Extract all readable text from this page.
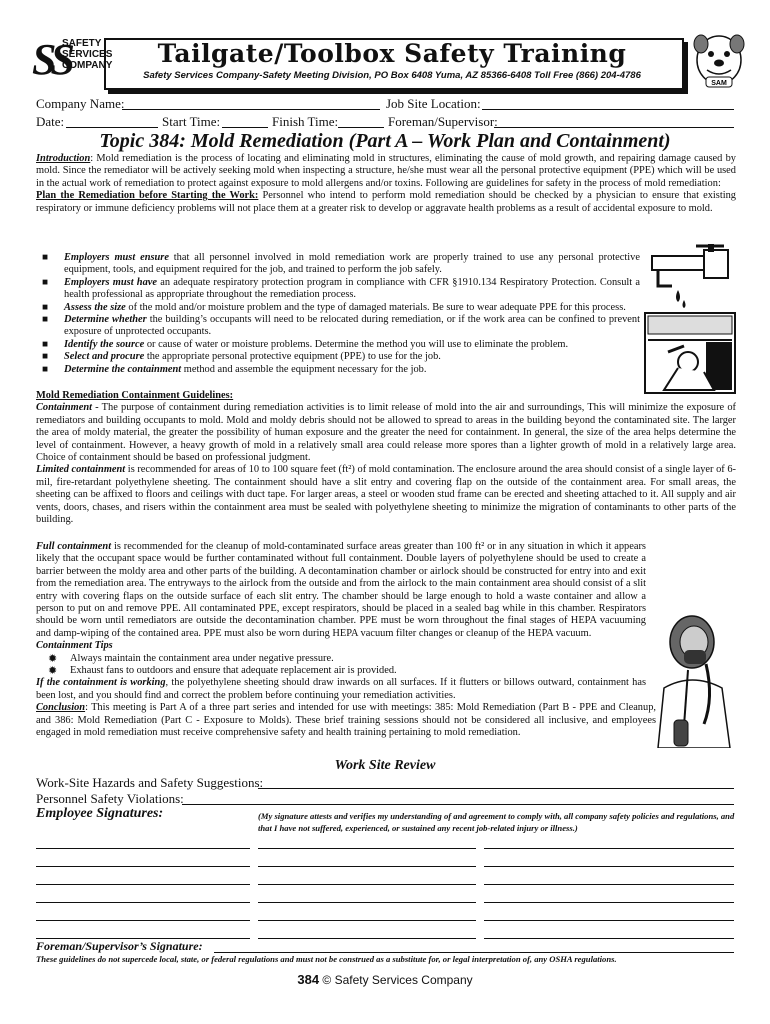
SS
SAFETY
SERVICES
COMPANY	Tailgate/Toolbox Safety Training
Safety Services Company-Safety Meeting Division, PO Box 6408 Yuma, AZ 85366-6408 Toll Free (866) 204-4786
SAM
Company Name:	Job Site Location:
Date:	Start Time:	Finish Time:	Foreman/Supervisor:
Topic 384: Mold Remediation (Part A – Work Plan and Containment)

Introduction: Mold remediation is the process of locating and eliminating mold in structures, eliminating the cause of mold growth, and repairing damage caused by mold. Since the remediator will be actively seeking mold when inspecting a structure, he/she must wear all the personal protective equipment (PPE) which will be used in the actual work of remediation to protect against exposure to mold allergens and/or toxins. Following are guidelines for safety in the process of mold remediation:

Plan the Remediation before Starting the Work: Personnel who intend to perform mold remediation should be checked by a physician to ensure that existing respiratory or immune deficiency problems will not place them at a greater risk to develop or aggravate health problems as a result of accidental exposure to mold.

■ Employers must ensure that all personnel involved in mold remediation work are properly trained to use any personal protective equipment, tools, and equipment required for the job, and trained to perform the job safely.
■ Employers must have an adequate respiratory protection program in compliance with CFR §1910.134 Respiratory Protection. Consult a health professional as appropriate throughout the remediation process.
■ Assess the size of the mold and/or moisture problem and the type of damaged materials. Be sure to wear adequate PPE for this process.
■ Determine whether the building’s occupants will need to be relocated during remediation, or if the work area can be confined to prevent exposure of unprotected occupants.
■ Identify the source or cause of water or moisture problems. Determine the method you will use to eliminate the problem.
■ Select and procure the appropriate personal protective equipment (PPE) to use for the job.
■ Determine the containment method and assemble the equipment necessary for the job.

Mold Remediation Containment Guidelines:

Containment - The purpose of containment during remediation activities is to limit release of mold into the air and surroundings, This will minimize the exposure of remediators and building occupants to mold. Mold and moldy debris should not be allowed to spread to areas in the building beyond the contaminated site. The larger the area of moldy material, the greater the possibility of human exposure and the greater the need for containment. In general, the size of the area helps determine the level of containment. However, a heavy growth of mold in a relatively small area could release more spores than a lighter growth of mold in a relatively large area. Choice of containment should be based on professional judgment.

Limited containment is recommended for areas of 10 to 100 square feet (ft²) of mold contamination. The enclosure around the area should consist of a single layer of 6-mil, fire-retardant polyethylene sheeting. The containment should have a slit entry and covering flap on the outside of the containment area. For small areas, the sheeting can be affixed to floors and ceilings with duct tape. For larger areas, a steel or wooden stud frame can be erected and sheeting attached to it. All supply and air vents, doors, chases, and risers within the containment area must be sealed with polyethylene sheeting to minimize the migration of contaminants to other parts of the building.

Full containment is recommended for the cleanup of mold-contaminated surface areas greater than 100 ft² or in any situation in which it appears likely that the occupant space would be further contaminated without full containment. Double layers of polyethylene should be used to create a barrier between the moldy area and other parts of the building. A decontamination chamber or airlock should be constructed for entry into and exit from the remediation area. The entryways to the airlock from the outside and from the airlock to the main containment area should consist of a slit entry with covering flaps on the outside surface of each slit entry. The chamber should be large enough to hold a waste container and allow a person to put on and remove PPE. All contaminated PPE, except respirators, should be placed in a sealed bag while in this chamber. Respirators should be worn until remediators are outside the decontamination chamber. PPE must be worn throughout the final stages of HEPA vacuuming and damp-wiping of the contained area. PPE must also be worn during HEPA vacuum filter changes or cleanup of the HEPA vacuum.

Containment Tips

✹ Always maintain the containment area under negative pressure.
✹ Exhaust fans to outdoors and ensure that adequate replacement air is provided.

If the containment is working, the polyethylene sheeting should draw inwards on all surfaces. If it flutters or billows outward, containment has been lost, and you should find and correct the problem before continuing your remediation activities.

Conclusion: This meeting is Part A of a three part series and intended for use with meetings: 385: Mold Remediation (Part B - PPE and Cleanup, and 386: Mold Remediation (Part C - Exposure to Molds). These brief training sessions should not be considered all inclusive, and employees engaged in mold remediation must receive comprehensive safety and health training pertaining to mold remediation.

Work Site Review
Work-Site Hazards and Safety Suggestions:
Personnel Safety Violations:
Employee Signatures:	(My signature attests and verifies my understanding of and agreement to comply with, all company safety policies and regulations, and that I have not suffered, experienced, or sustained any recent job-related injury or illness.)
Foreman/Supervisor’s Signature:
These guidelines do not supercede local, state, or federal regulations and must not be construed as a substitute for, or legal interpretation of, any OSHA regulations.
384 © Safety Services Company
